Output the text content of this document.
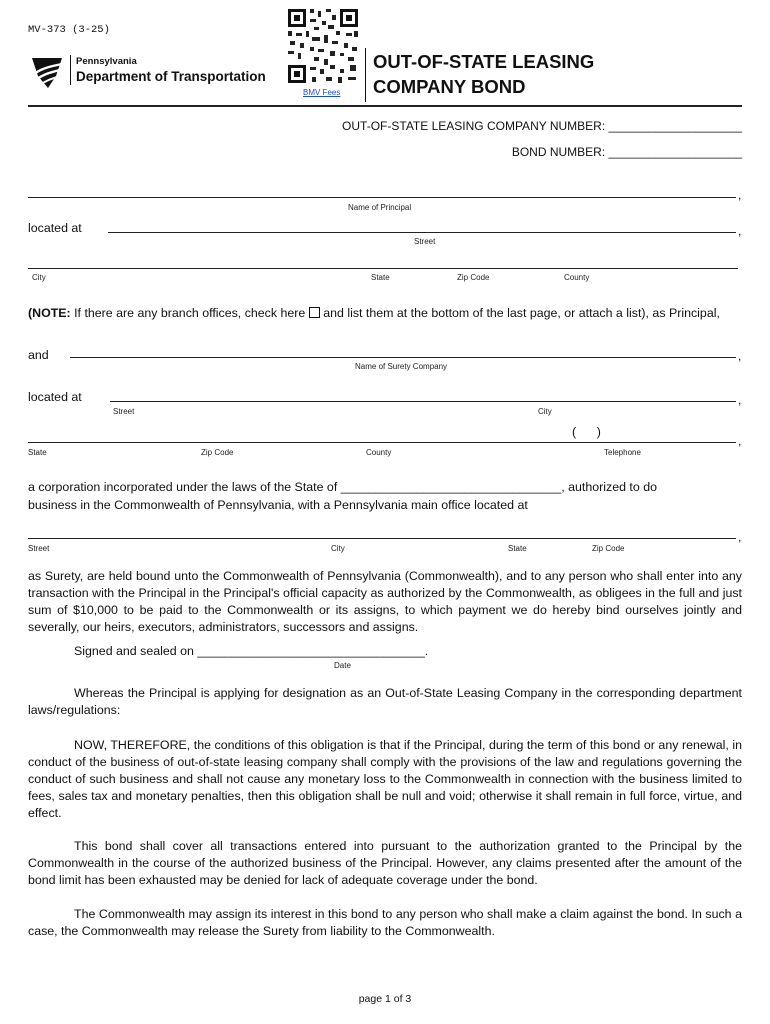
MV-373 (3-25)
Pennsylvania
Department of Transportation
BMV Fees
OUT-OF-STATE LEASING
COMPANY BOND
OUT-OF-STATE LEASING COMPANY NUMBER: ____________________
BOND NUMBER: ____________________
,
Name of Principal
located at	,
Street
City	State	Zip Code	County
(NOTE: If there are any branch offices, check here  and list them at the bottom of the last page, or attach a list), as Principal,
and	,
Name of Surety Company
located at	,
Street	City
(      )
,
State	Zip Code	County	Telephone
a corporation incorporated under the laws of the State of ________________________________, authorized to do
business in the Commonwealth of Pennsylvania, with a Pennsylvania main office located at
,
Street	City	State	Zip Code
as Surety, are held bound unto the Commonwealth of Pennsylvania (Commonwealth), and to any person who shall enter into any transaction with the Principal in the Principal's official capacity as authorized by the Commonwealth, as obligees in the full and just sum of $10,000 to be paid to the Commonwealth or its assigns, to which payment we do hereby bind ourselves jointly and severally, our heirs, executors, administrators, successors and assigns.
Signed and sealed on _________________________________.
Date
Whereas the Principal is applying for designation as an Out-of-State Leasing Company in the corresponding department laws/regulations:
NOW, THEREFORE, the conditions of this obligation is that if the Principal, during the term of this bond or any renewal, in conduct of the business of out-of-state leasing company shall comply with the provisions of the law and regulations governing the conduct of such business and shall not cause any monetary loss to the Commonwealth in connection with the business limited to fees, sales tax and monetary penalties, then this obligation shall be null and void; otherwise it shall remain in full force, virtue, and effect.
This bond shall cover all transactions entered into pursuant to the authorization granted to the Principal by the Commonwealth in the course of the authorized business of the Principal. However, any claims presented after the amount of the bond limit has been exhausted may be denied for lack of adequate coverage under the bond.
The Commonwealth may assign its interest in this bond to any person who shall make a claim against the bond. In such a case, the Commonwealth may release the Surety from liability to the Commonwealth.
page 1 of 3
